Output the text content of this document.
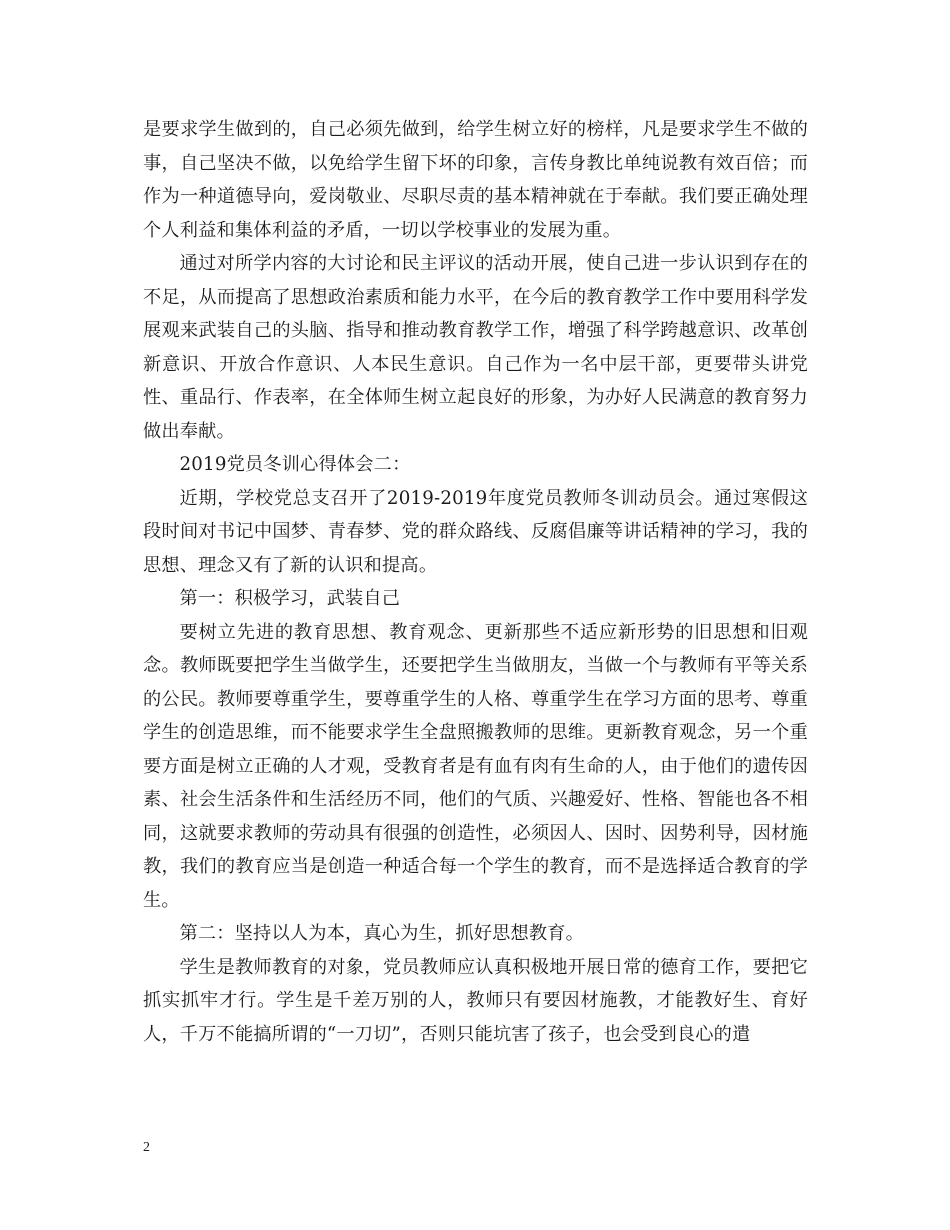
是要求学生做到的，自己必须先做到，给学生树立好的榜样，凡是要求学生不做的事，自己坚决不做，以免给学生留下坏的印象，言传身教比单纯说教有效百倍；而作为一种道德导向，爱岗敬业、尽职尽责的基本精神就在于奉献。我们要正确处理个人利益和集体利益的矛盾，一切以学校事业的发展为重。

通过对所学内容的大讨论和民主评议的活动开展，使自己进一步认识到存在的不足，从而提高了思想政治素质和能力水平，在今后的教育教学工作中要用科学发展观来武装自己的头脑、指导和推动教育教学工作，增强了科学跨越意识、改革创新意识、开放合作意识、人本民生意识。自己作为一名中层干部，更要带头讲党性、重品行、作表率，在全体师生树立起良好的形象，为办好人民满意的教育努力做出奉献。

2019党员冬训心得体会二：

近期，学校党总支召开了2019-2019年度党员教师冬训动员会。通过寒假这段时间对书记中国梦、青春梦、党的群众路线、反腐倡廉等讲话精神的学习，我的思想、理念又有了新的认识和提高。

第一：积极学习，武装自己

要树立先进的教育思想、教育观念、更新那些不适应新形势的旧思想和旧观念。教师既要把学生当做学生，还要把学生当做朋友，当做一个与教师有平等关系的公民。教师要尊重学生，要尊重学生的人格、尊重学生在学习方面的思考、尊重学生的创造思维，而不能要求学生全盘照搬教师的思维。更新教育观念，另一个重要方面是树立正确的人才观，受教育者是有血有肉有生命的人，由于他们的遗传因素、社会生活条件和生活经历不同，他们的气质、兴趣爱好、性格、智能也各不相同，这就要求教师的劳动具有很强的创造性，必须因人、因时、因势利导，因材施教，我们的教育应当是创造一种适合每一个学生的教育，而不是选择适合教育的学生。

第二：坚持以人为本，真心为生，抓好思想教育。

学生是教师教育的对象，党员教师应认真积极地开展日常的德育工作，要把它抓实抓牢才行。学生是千差万别的人，教师只有要因材施教，才能教好生、育好人，千万不能搞所谓的“一刀切”，否则只能坑害了孩子，也会受到良心的遣

2
